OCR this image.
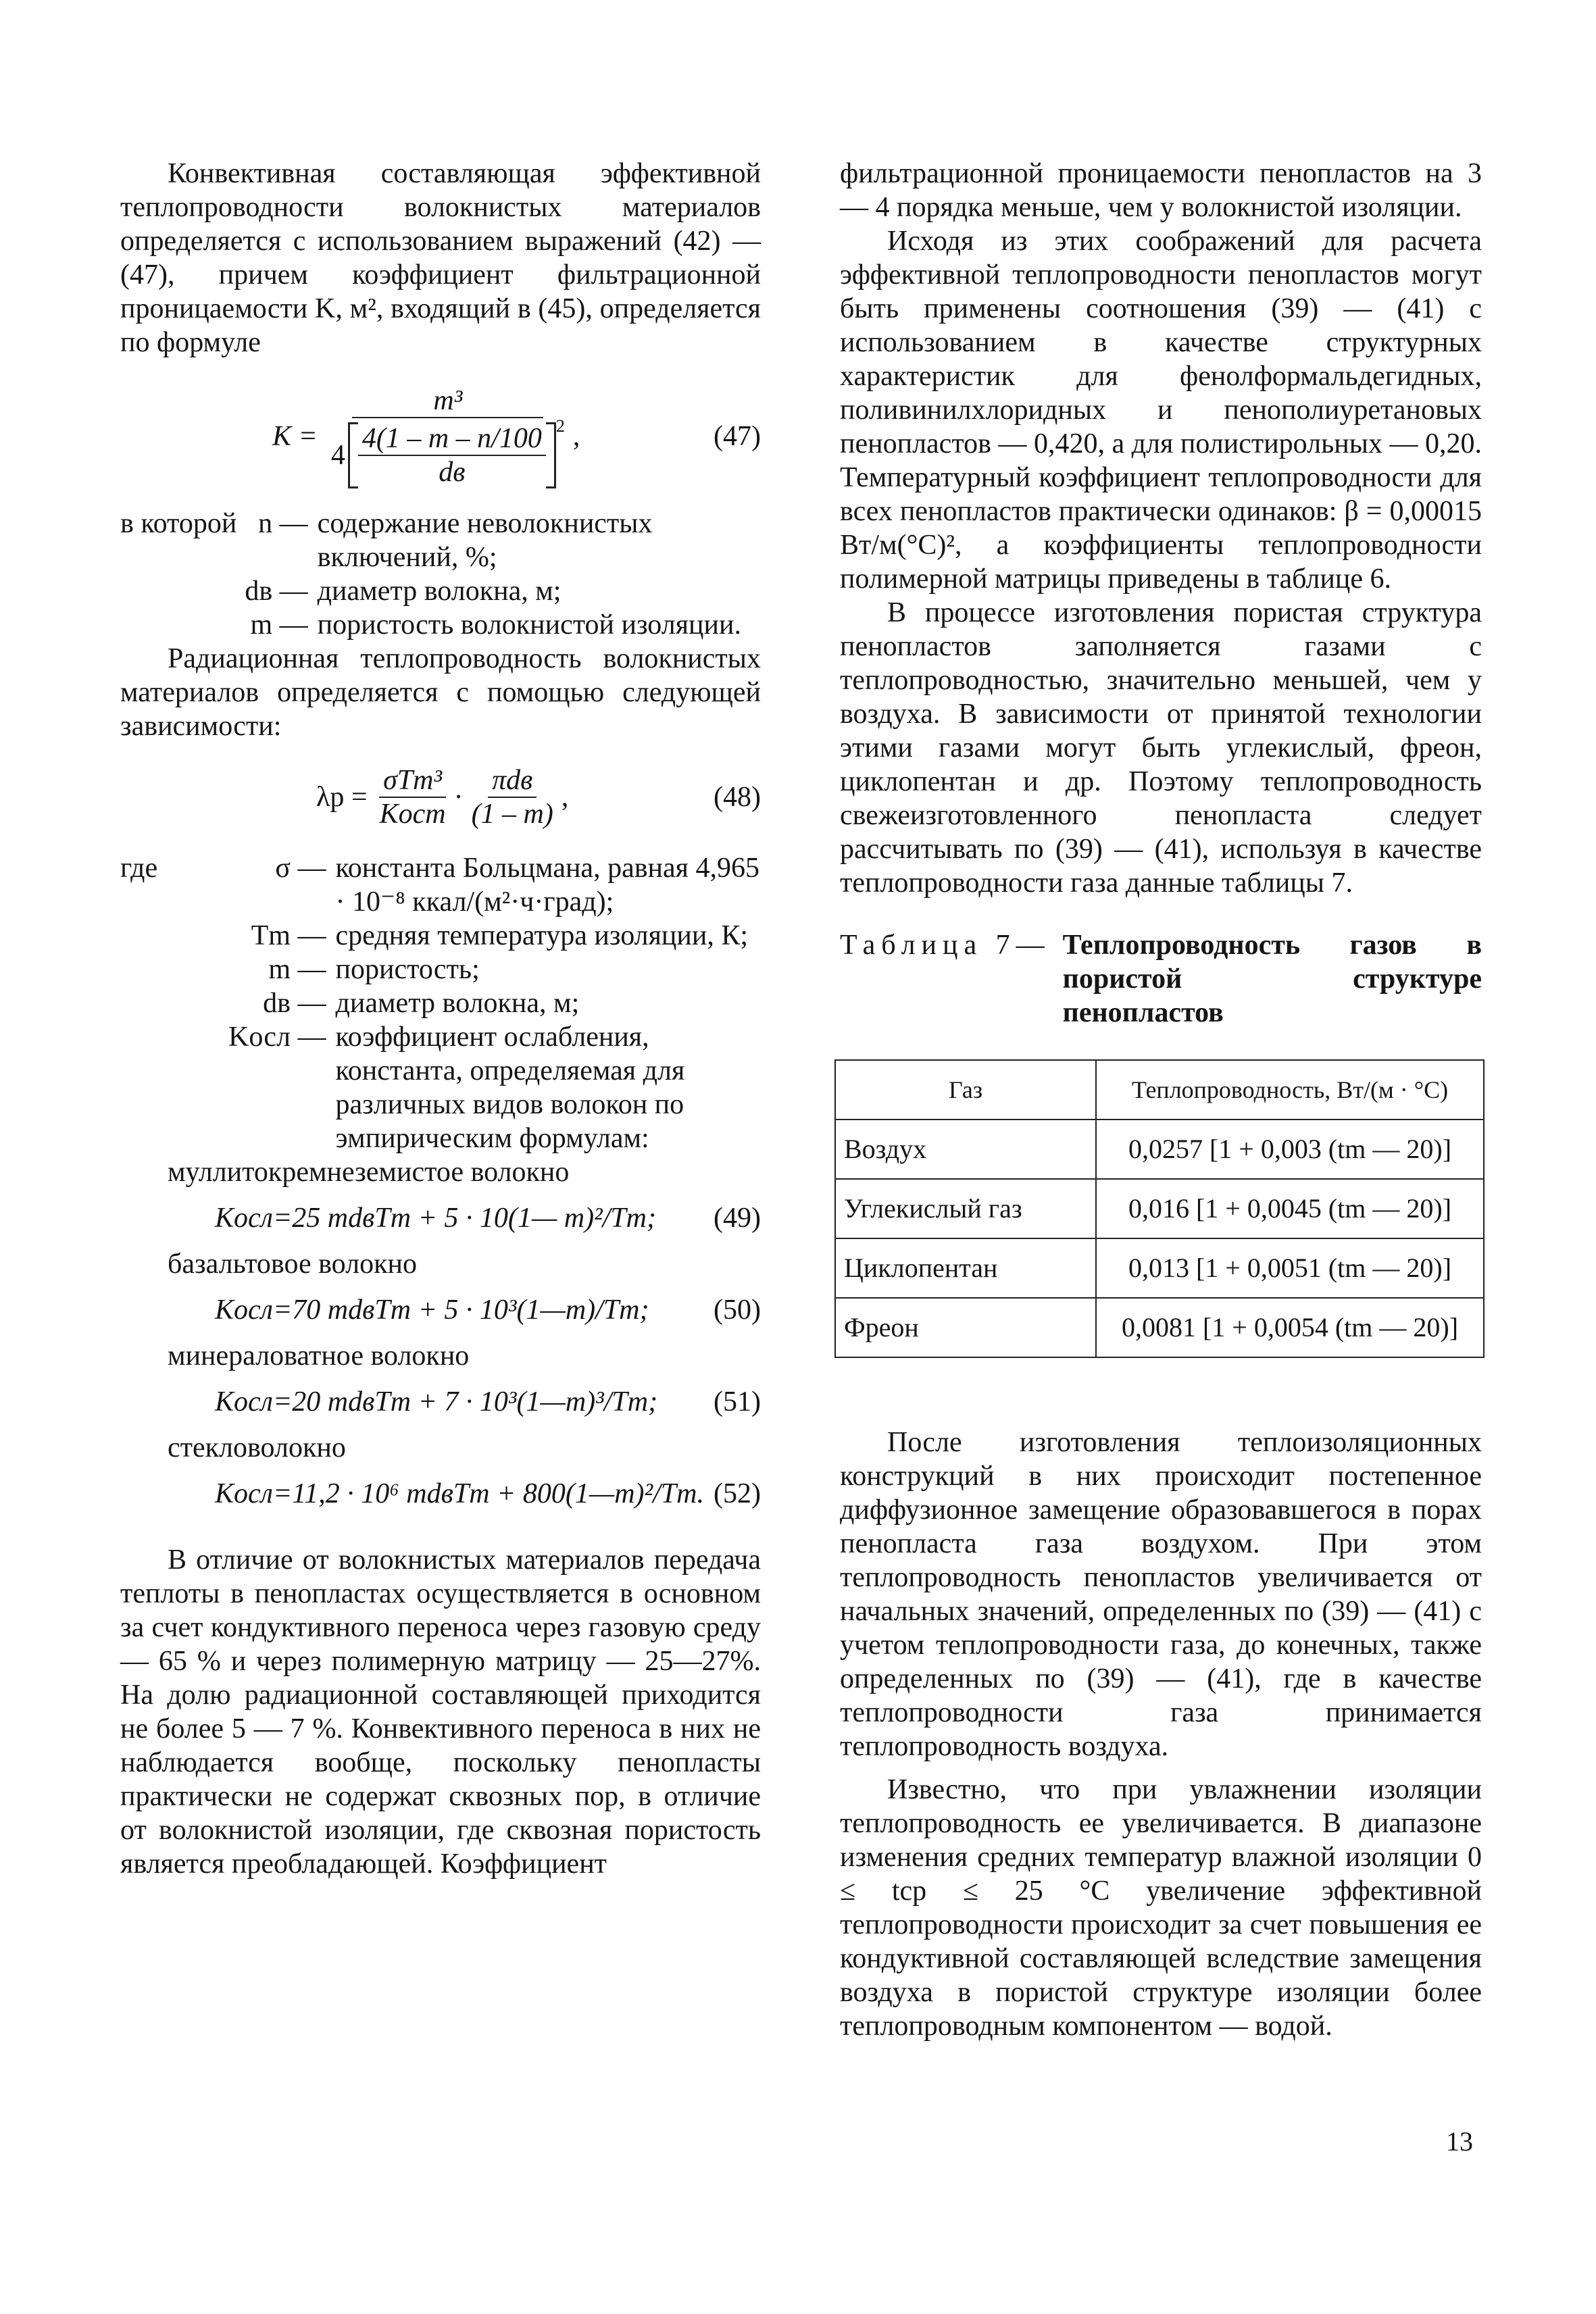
Конвективная составляющая эффективной теплопроводности волокнистых материалов определяется с использованием выражений (42) — (47), причем коэффициент фильтрационной проницаемости K, м², входящий в (45), определяется по формуле

K =
m³
$4 \frac{4(1 - m - n/100}{dв} 2$ ,	(47)
в которой n — содержание неволокнистых включений, %;
dв — диаметр волокна, м;
m — пористость волокнистой изоляции.

Радиационная теплопроводность волокнистых материалов определяется с помощью следующей зависимости:

$\lambda р = \frac{\text{σTm³}}{\text{Kост}} \cdot \frac{\text{πdв}}{(1 - m)}$ ,	(48)
где	σ — константа Больцмана, равная 4,965 · 10⁻⁸ ккал/(м²·ч·град);
Tm — средняя температура изоляции, К;
m — пористость;
dв — диаметр волокна, м;
Kосл — коэффициент ослабления, константа, определяемая для различных видов волокон по эмпирическим формулам:

муллитокремнеземистое волокно

Kосл=25 mdвTm + 5 · 10(1— m)²/Tm; (49)

базальтовое волокно

Kосл=70 mdвTm + 5 · 10³(1—m)/Tm; (50)

минераловатное волокно

Kосл=20 mdвTm + 7 · 10³(1—m)³/Tm; (51)

стекловолокно

Kосл=11,2 · 10⁶ mdвTm + 800(1—m)²/Tm. (52)

В отличие от волокнистых материалов передача теплоты в пенопластах осуществляется в основном за счет кондуктивного переноса через газовую среду — 65 % и через полимерную матрицу — 25—27%. На долю радиационной составляющей приходится не более 5 — 7 %. Конвективного переноса в них не наблюдается вообще, поскольку пенопласты практически не содержат сквозных пор, в отличие от волокнистой изоляции, где сквозная пористость является преобладающей. Коэффициент

фильтрационной проницаемости пенопластов на 3 — 4 порядка меньше, чем у волокнистой изоляции.

Исходя из этих соображений для расчета эффективной теплопроводности пенопластов могут быть применены соотношения (39) — (41) с использованием в качестве структурных характеристик для фенолформальдегидных, поливинилхлоридных и пенополиуретановых пенопластов — 0,420, а для полистирольных — 0,20. Температурный коэффициент теплопроводности для всех пенопластов практически одинаков: β = 0,00015 Вт/м(°С)², а коэффициенты теплопроводности полимерной матрицы приведены в таблице 6.

В процессе изготовления пористая структура пенопластов заполняется газами с теплопроводностью, значительно меньшей, чем у воздуха. В зависимости от принятой технологии этими газами могут быть углекислый, фреон, циклопентан и др. Поэтому теплопроводность свежеизготовленного пенопласта следует рассчитывать по (39) — (41), используя в качестве теплопроводности газа данные таблицы 7.

Таблица 7— Теплопроводность газов в пористой структуре пенопластов
Газ	Теплопроводность, Вт/(м · °С)
Воздух	0,0257 [1 + 0,003 (tm — 20)]
Углекислый газ	0,016 [1 + 0,0045 (tm — 20)]
Циклопентан	0,013 [1 + 0,0051 (tm — 20)]
Фреон	0,0081 [1 + 0,0054 (tm — 20)]

После изготовления теплоизоляционных конструкций в них происходит постепенное диффузионное замещение образовавшегося в порах пенопласта газа воздухом. При этом теплопроводность пенопластов увеличивается от начальных значений, определенных по (39) — (41) с учетом теплопроводности газа, до конечных, также определенных по (39) — (41), где в качестве теплопроводности газа принимается теплопроводность воздуха.

Известно, что при увлажнении изоляции теплопроводность ее увеличивается. В диапазоне изменения средних температур влажной изоляции 0 ≤ tср ≤ 25 °С увеличение эффективной теплопроводности происходит за счет повышения ее кондуктивной составляющей вследствие замещения воздуха в пористой структуре изоляции более теплопроводным компонентом — водой.

13
